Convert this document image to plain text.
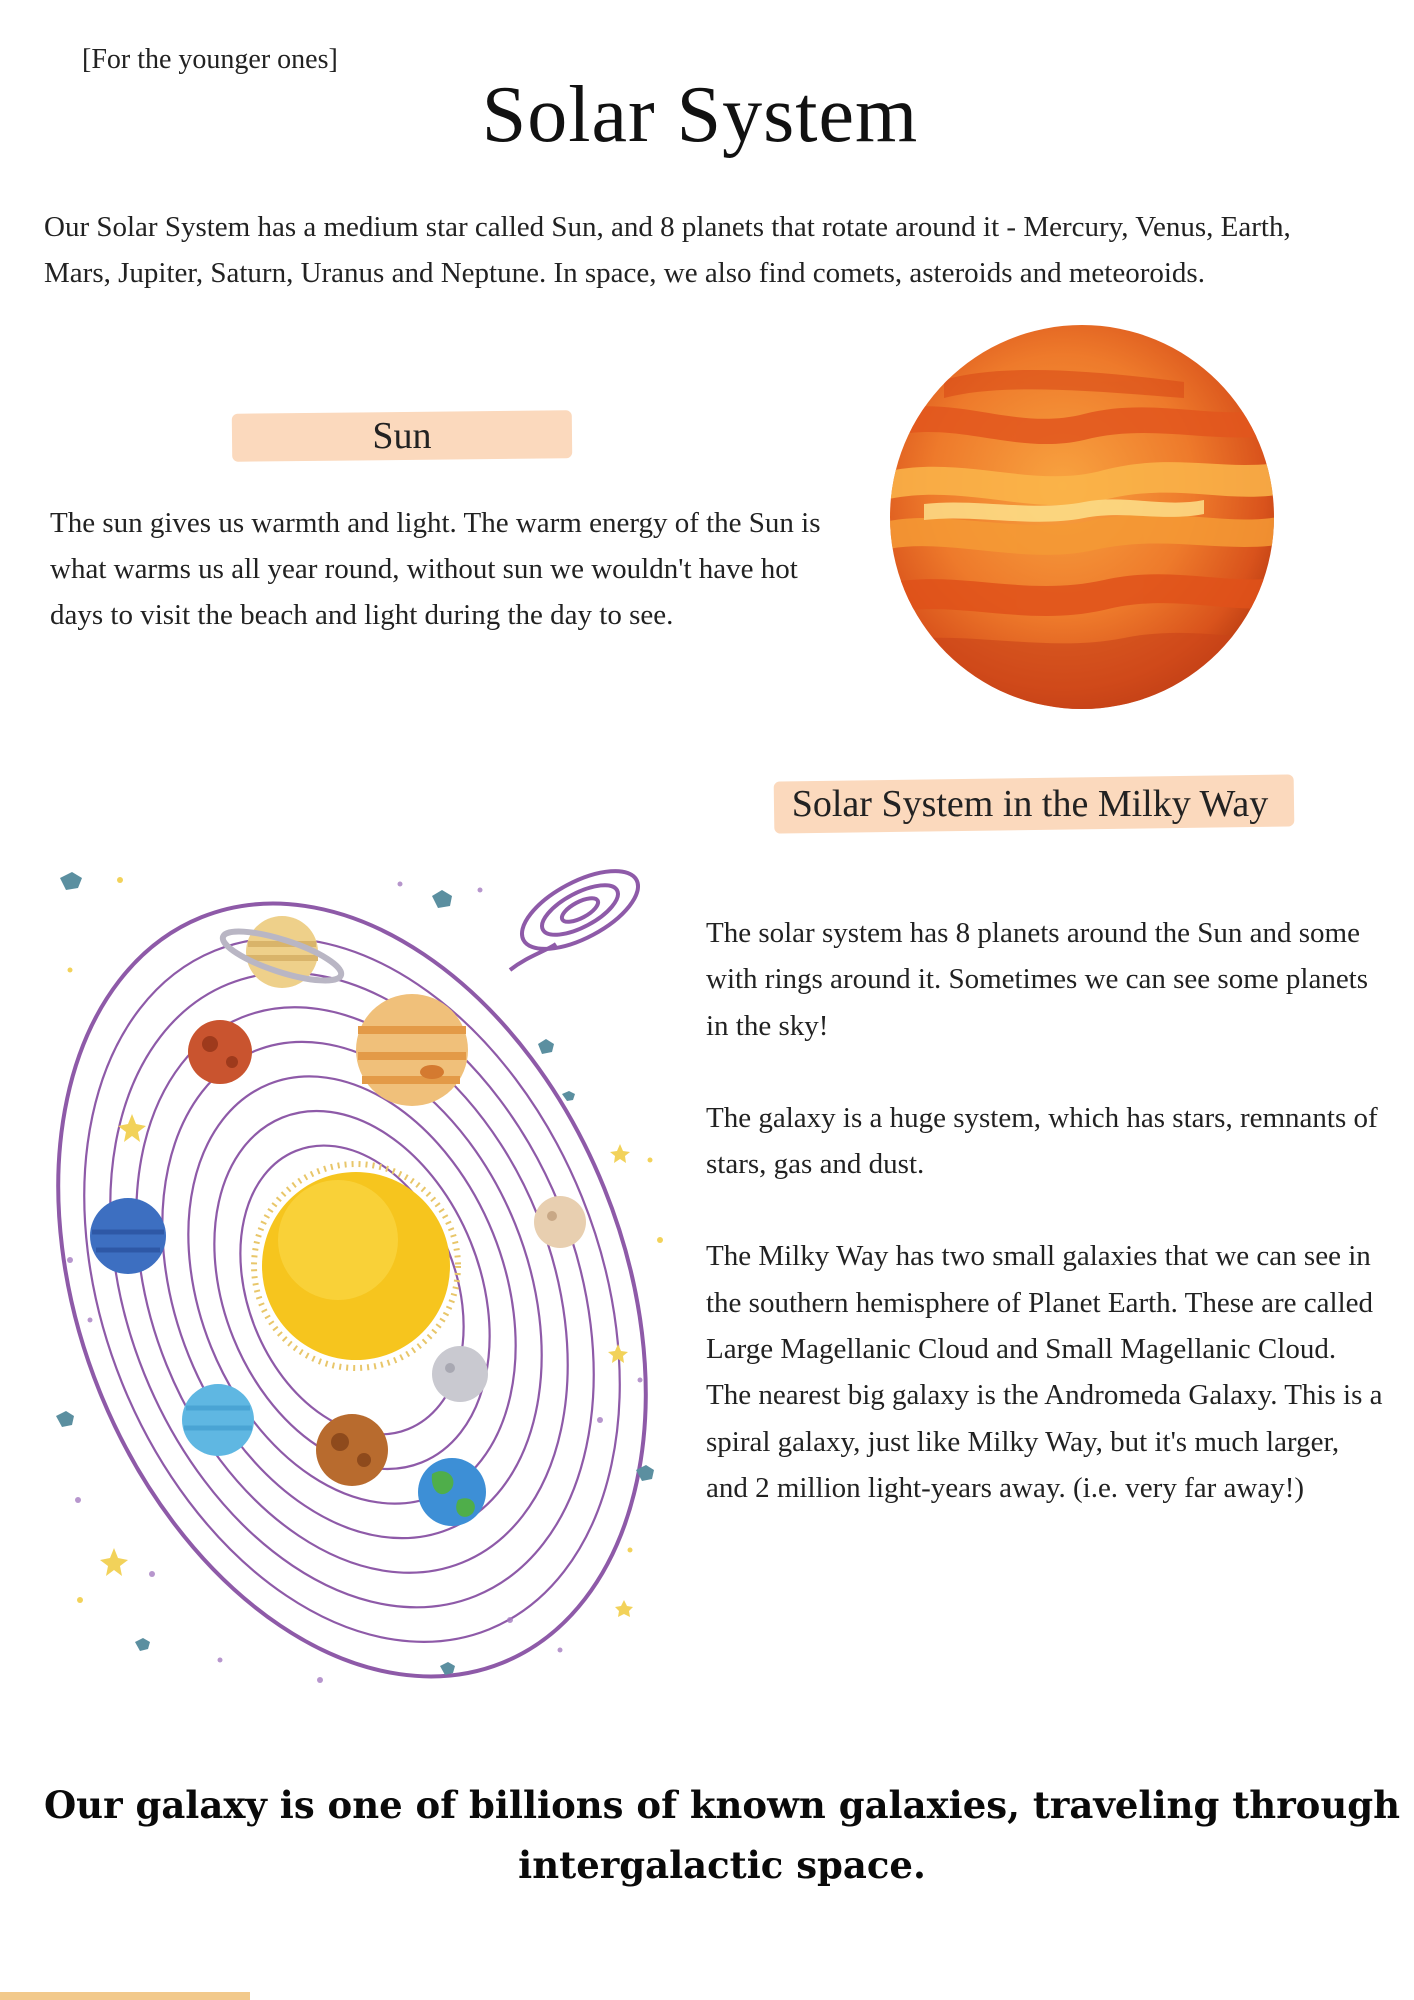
[For the younger ones]
Solar System
Our Solar System has a medium star called Sun, and 8 planets that rotate around it - Mercury, Venus, Earth, Mars, Jupiter, Saturn, Uranus and Neptune. In space, we also find comets, asteroids and meteoroids.
Sun
The sun gives us warmth and light. The warm energy of the Sun is what warms us all year round, without sun we wouldn't have hot days to visit the beach and light during the day to see.
Solar System in the Milky Way

The solar system has 8 planets around the Sun and some with rings around it. Sometimes we can see some planets in the sky!

The galaxy is a huge system, which has stars, remnants of stars, gas and dust.

The Milky Way has two small galaxies that we can see in the southern hemisphere of Planet Earth. These are called Large Magellanic Cloud and Small Magellanic Cloud. The nearest big galaxy is the Andromeda Galaxy. This is a spiral galaxy, just like Milky Way, but it's much larger, and 2 million light-years away. (i.e. very far away!)

Our galaxy is one of billions of known galaxies, traveling through intergalactic space.
